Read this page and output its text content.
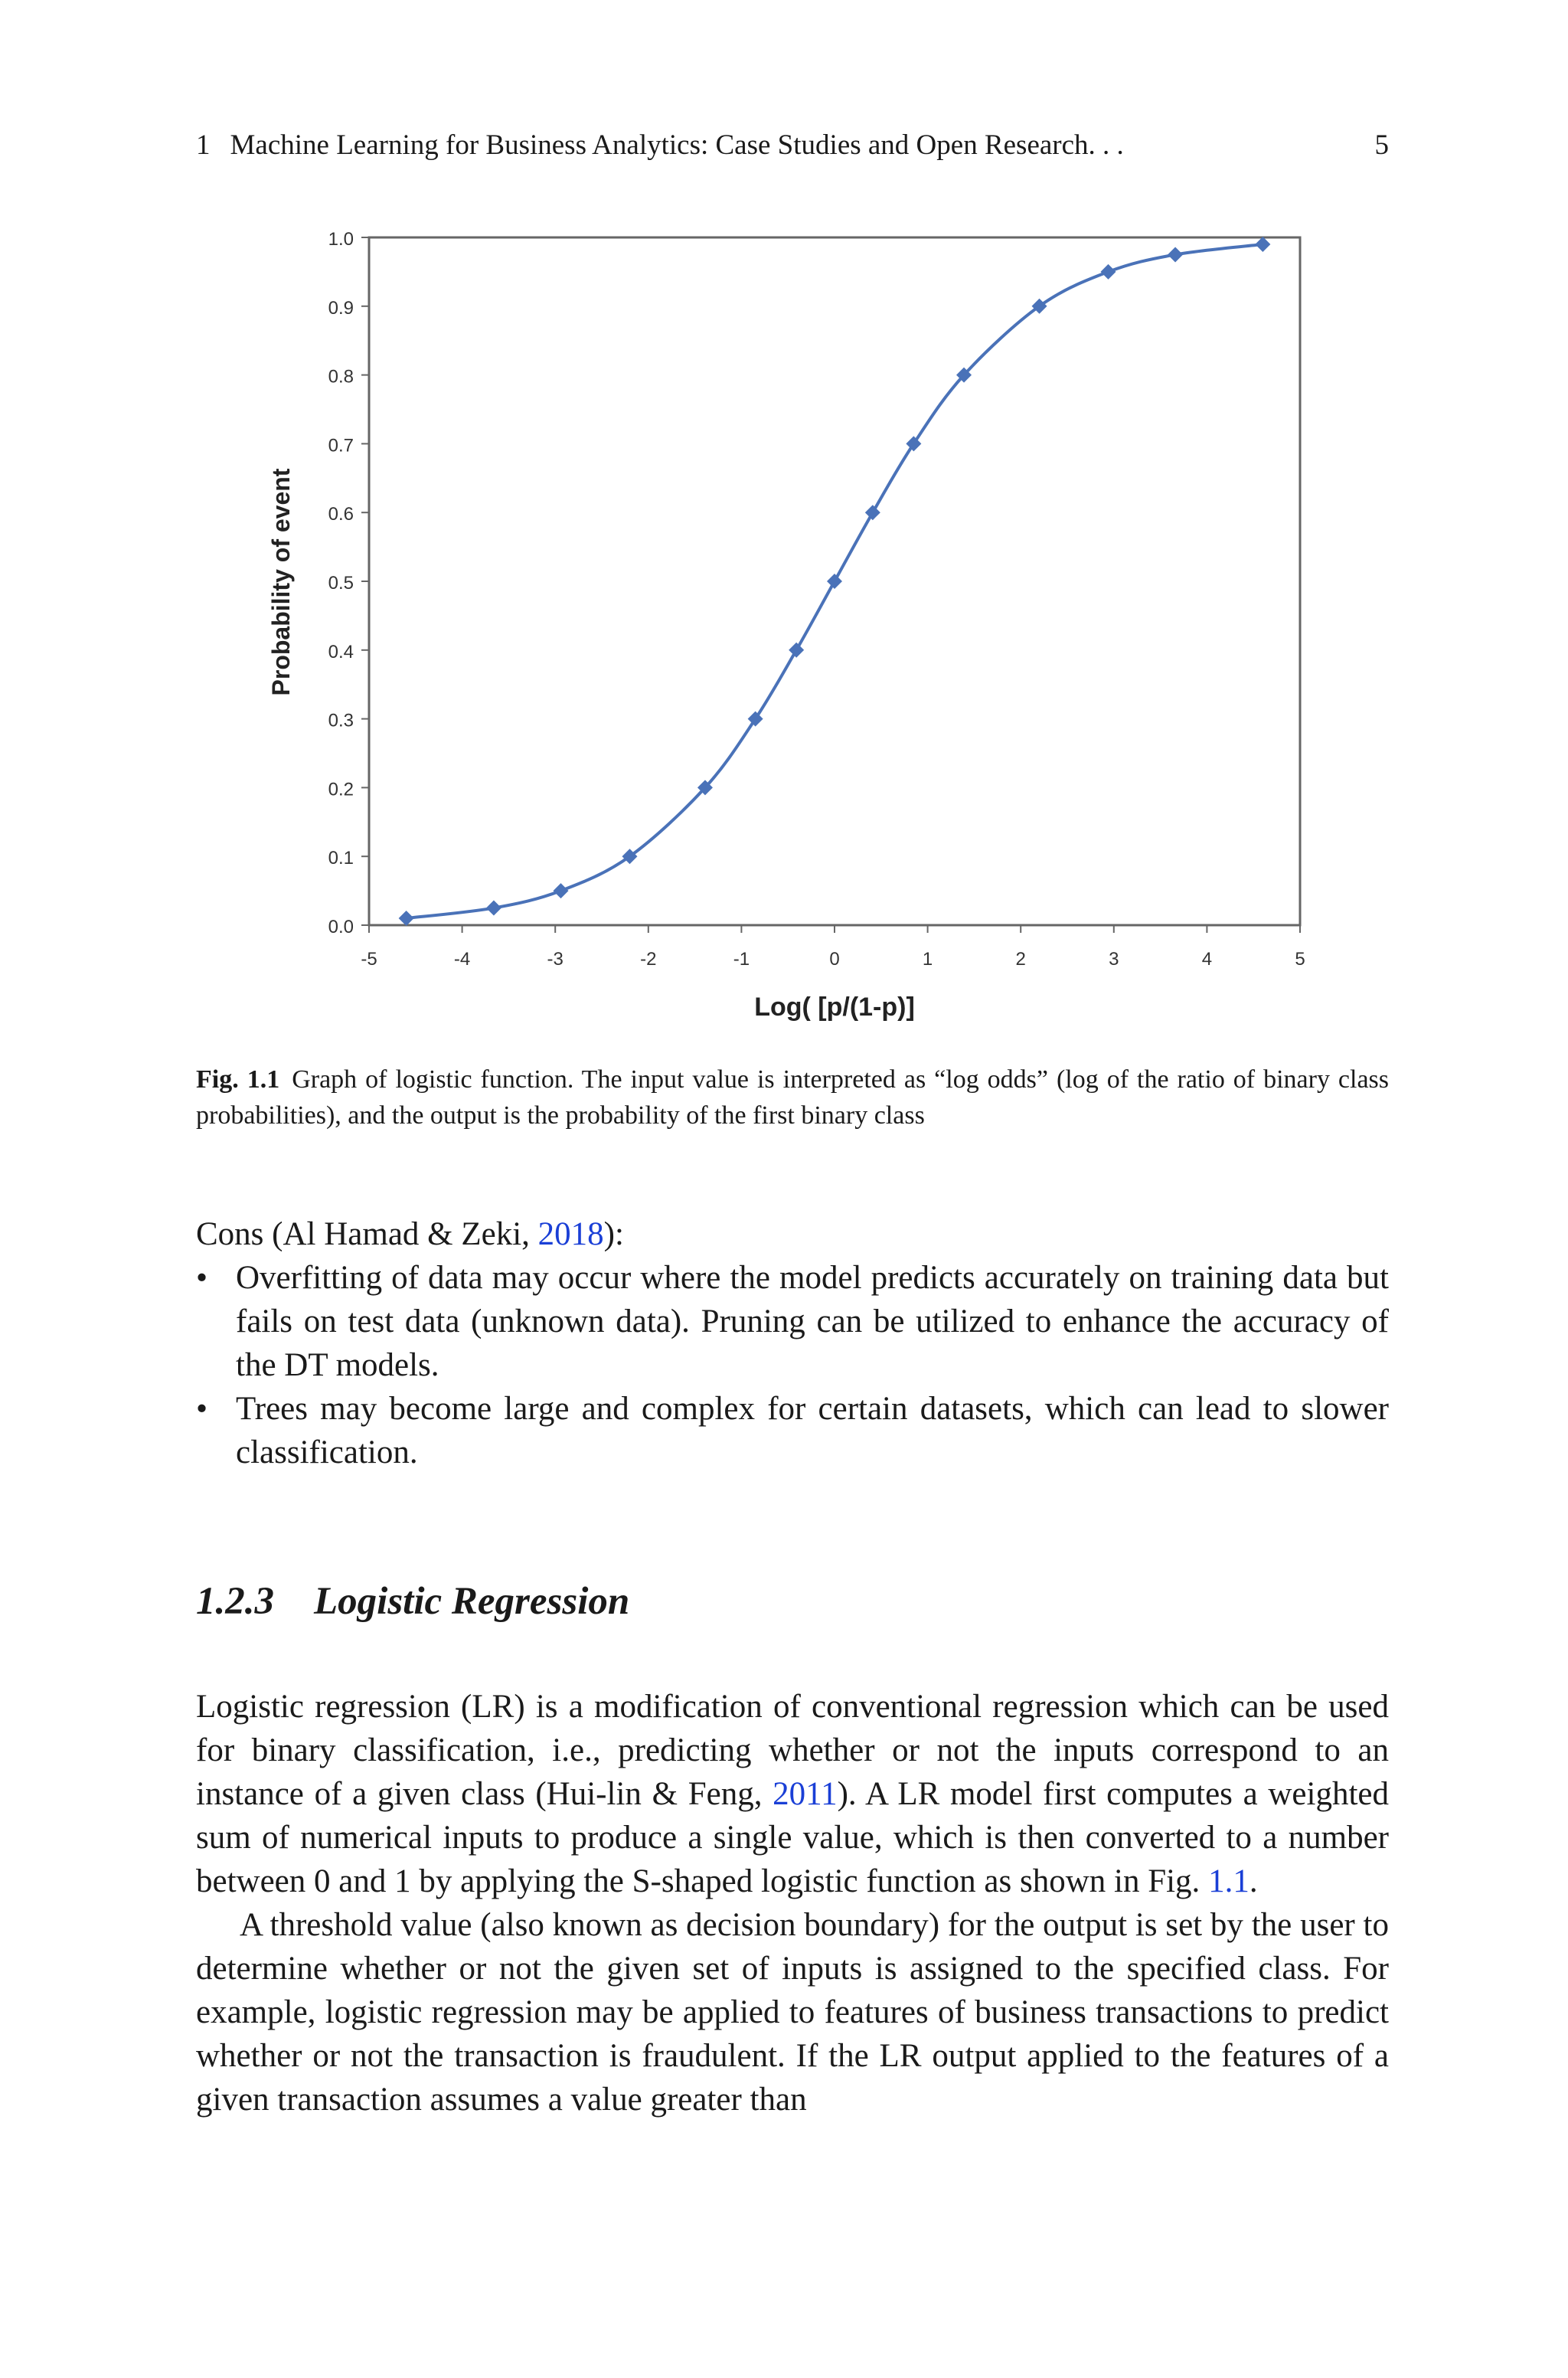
1 Machine Learning for Business Analytics: Case Studies and Open Research. . .	5
0.0
0.1
0.2
0.3
0.4
0.5
0.6
0.7
0.8
0.9
1.0
-5	-4	-3	-2	-1	0	1	2	3	4	5
Log( [p/(1-p)]
Probability of event
Fig. 1.1 Graph of logistic function. The input value is interpreted as “log odds” (log of the ratio of binary class probabilities), and the output is the probability of the first binary class

Cons (Al Hamad & Zeki, 2018):

• Overfitting of data may occur where the model predicts accurately on training data but fails on test data (unknown data). Pruning can be utilized to enhance the accuracy of the DT models.
• Trees may become large and complex for certain datasets, which can lead to slower classification.
1.2.3 Logistic Regression

Logistic regression (LR) is a modification of conventional regression which can be used for binary classification, i.e., predicting whether or not the inputs correspond to an instance of a given class (Hui-lin & Feng, 2011). A LR model first computes a weighted sum of numerical inputs to produce a single value, which is then converted to a number between 0 and 1 by applying the S-shaped logistic function as shown in Fig. 1.1.

A threshold value (also known as decision boundary) for the output is set by the user to determine whether or not the given set of inputs is assigned to the specified class. For example, logistic regression may be applied to features of business transactions to predict whether or not the transaction is fraudulent. If the LR output applied to the features of a given transaction assumes a value greater than
